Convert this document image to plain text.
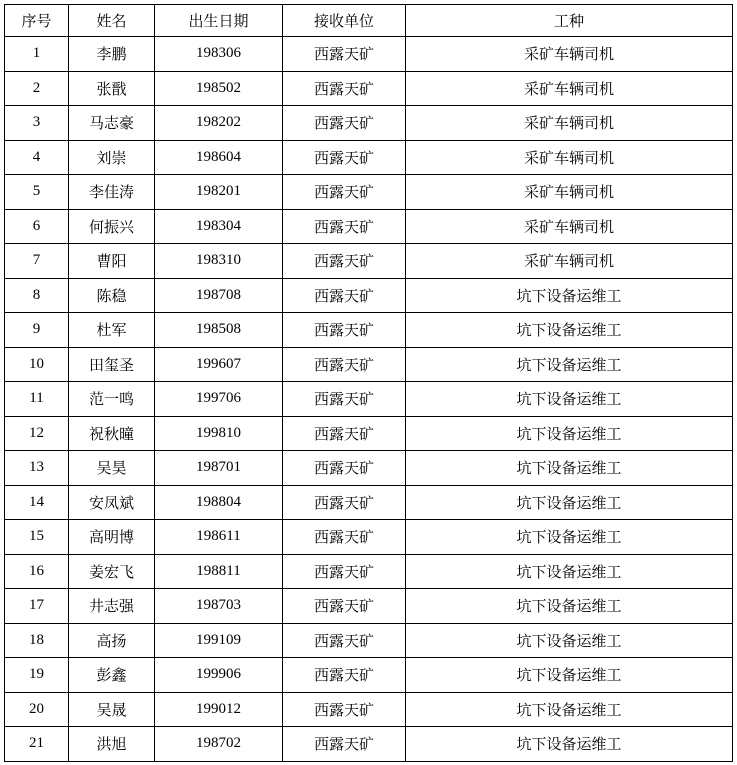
序号	姓名	出生日期	接收单位	工种
1	李鹏	198306	西露天矿	采矿车辆司机
2	张戬	198502	西露天矿	采矿车辆司机
3	马志豪	198202	西露天矿	采矿车辆司机
4	刘崇	198604	西露天矿	采矿车辆司机
5	李佳涛	198201	西露天矿	采矿车辆司机
6	何振兴	198304	西露天矿	采矿车辆司机
7	曹阳	198310	西露天矿	采矿车辆司机
8	陈稳	198708	西露天矿	坑下设备运维工
9	杜军	198508	西露天矿	坑下设备运维工
10	田玺圣	199607	西露天矿	坑下设备运维工
11	范一鸣	199706	西露天矿	坑下设备运维工
12	祝秋曈	199810	西露天矿	坑下设备运维工
13	吴昊	198701	西露天矿	坑下设备运维工
14	安凤斌	198804	西露天矿	坑下设备运维工
15	高明博	198611	西露天矿	坑下设备运维工
16	姜宏飞	198811	西露天矿	坑下设备运维工
17	井志强	198703	西露天矿	坑下设备运维工
18	高扬	199109	西露天矿	坑下设备运维工
19	彭鑫	199906	西露天矿	坑下设备运维工
20	吴晟	199012	西露天矿	坑下设备运维工
21	洪旭	198702	西露天矿	坑下设备运维工
